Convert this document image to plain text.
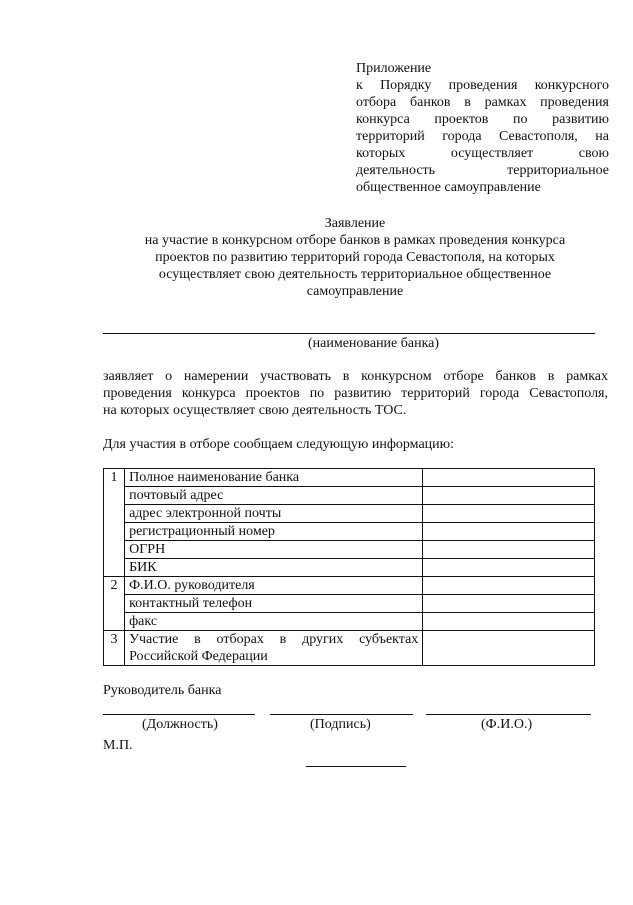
Приложение
к Порядку проведения конкурсного
отбора банков в рамках проведения
конкурса проектов по развитию
территорий города Севастополя, на
которых осуществляет свою
деятельность территориальное
общественное самоуправление
Заявление
на участие в конкурсном отборе банков в рамках проведения конкурса
проектов по развитию территорий города Севастополя, на которых
осуществляет свою деятельность территориальное общественное
самоуправление
(наименование банка)
заявляет о намерении участвовать в конкурсном отборе банков в рамках
проведения конкурса проектов по развитию территорий города Севастополя,
на которых осуществляет свою деятельность ТОС.
Для участия в отборе сообщаем следующую информацию:
1	Полное наименование банка	
	почтовый адрес	
	адрес электронной почты	
	регистрационный номер	
	ОГРН	
	БИК	
2	Ф.И.О. руководителя	
	контактный телефон	
	факс	
3	Участие в отборах в других субъектах
Российской Федерации	

Руководитель банка
(Должность)	(Подпись)	(Ф.И.О.)
М.П.
